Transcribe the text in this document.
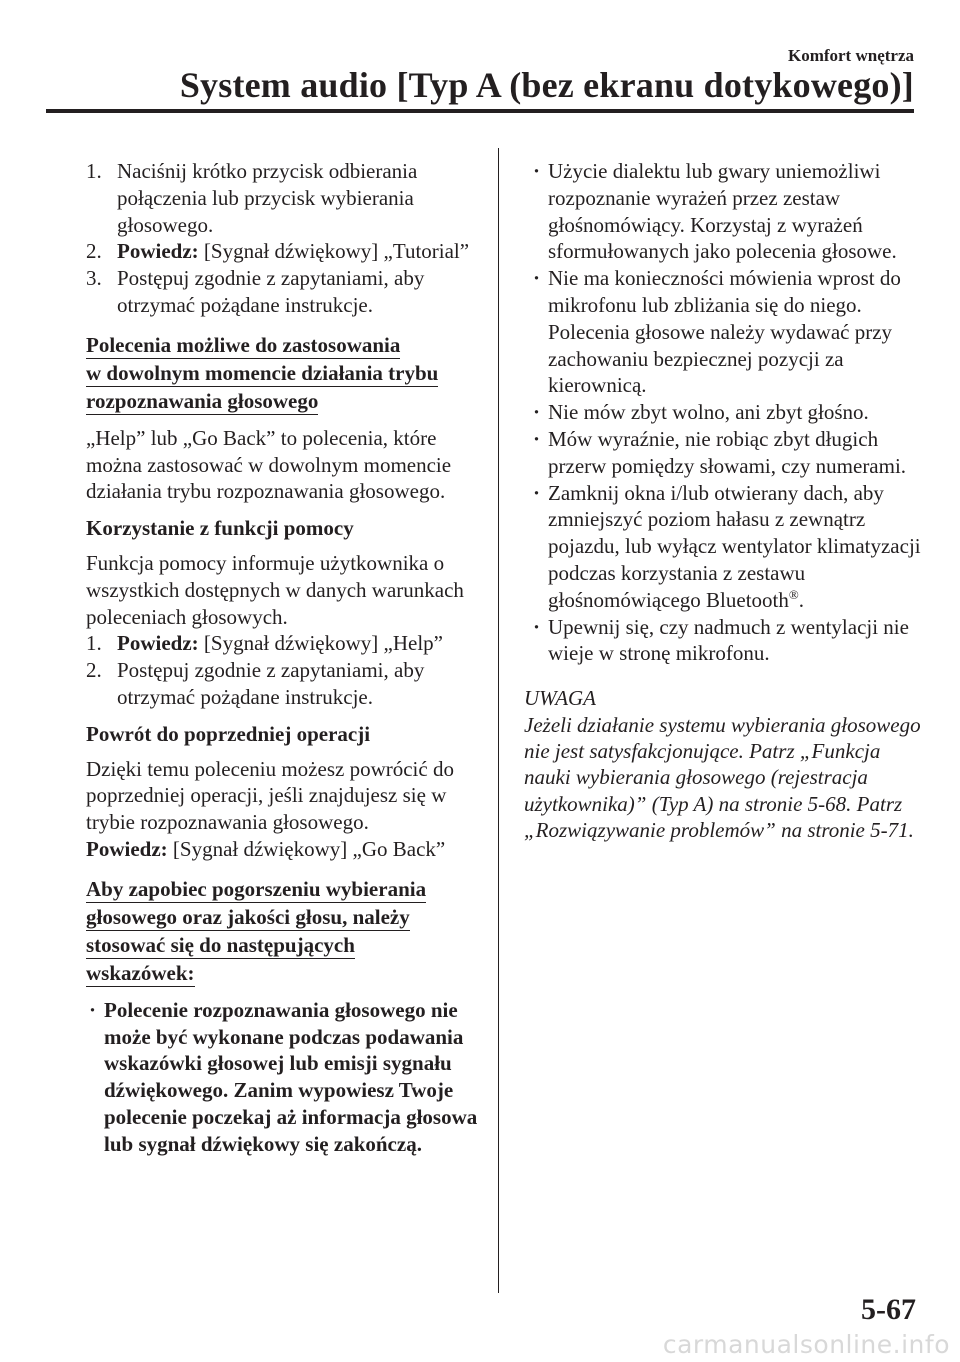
Komfort wnętrza
System audio [Typ A (bez ekranu dotykowego)]
1. Naciśnij krótko przycisk odbierania połączenia lub przycisk wybierania głosowego.
2. Powiedz: [Sygnał dźwiękowy] „Tutorial”
3. Postępuj zgodnie z zapytaniami, aby otrzymać pożądane instrukcje.
Polecenia możliwe do zastosowania
w dowolnym momencie działania trybu
rozpoznawania głosowego

„Help” lub „Go Back” to polecenia, które można zastosować w dowolnym momencie działania trybu rozpoznawania głosowego.

Korzystanie z funkcji pomocy

Funkcja pomocy informuje użytkownika o wszystkich dostępnych w danych warunkach poleceniach głosowych.

1. Powiedz: [Sygnał dźwiękowy] „Help”
2. Postępuj zgodnie z zapytaniami, aby otrzymać pożądane instrukcje.
Powrót do poprzedniej operacji

Dzięki temu poleceniu możesz powrócić do poprzedniej operacji, jeśli znajdujesz się w trybie rozpoznawania głosowego.

Powiedz: [Sygnał dźwiękowy] „Go Back”

Aby zapobiec pogorszeniu wybierania
głosowego oraz jakości głosu, należy
stosować się do następujących
wskazówek:
· Polecenie rozpoznawania głosowego nie może być wykonane podczas podawania wskazówki głosowej lub emisji sygnału dźwiękowego. Zanim wypowiesz Twoje polecenie poczekaj aż informacja głosowa lub sygnał dźwiękowy się zakończą.
· Użycie dialektu lub gwary uniemożliwi rozpoznanie wyrażeń przez zestaw głośnomówiący. Korzystaj z wyrażeń sformułowanych jako polecenia głosowe.
· Nie ma konieczności mówienia wprost do mikrofonu lub zbliżania się do niego. Polecenia głosowe należy wydawać przy zachowaniu bezpiecznej pozycji za kierownicą.
· Nie mów zbyt wolno, ani zbyt głośno.
· Mów wyraźnie, nie robiąc zbyt długich przerw pomiędzy słowami, czy numerami.
· Zamknij okna i/lub otwierany dach, aby zmniejszyć poziom hałasu z zewnątrz pojazdu, lub wyłącz wentylator klimatyzacji podczas korzystania z zestawu głośnomówiącego Bluetooth®.
· Upewnij się, czy nadmuch z wentylacji nie wieje w stronę mikrofonu.
UWAGA
Jeżeli działanie systemu wybierania głosowego nie jest satysfakcjonujące. Patrz „Funkcja nauki wybierania głosowego (rejestracja użytkownika)” (Typ A) na stronie 5-68. Patrz „Rozwiązywanie problemów” na stronie 5-71.
5-67
carmanualsonline.info
